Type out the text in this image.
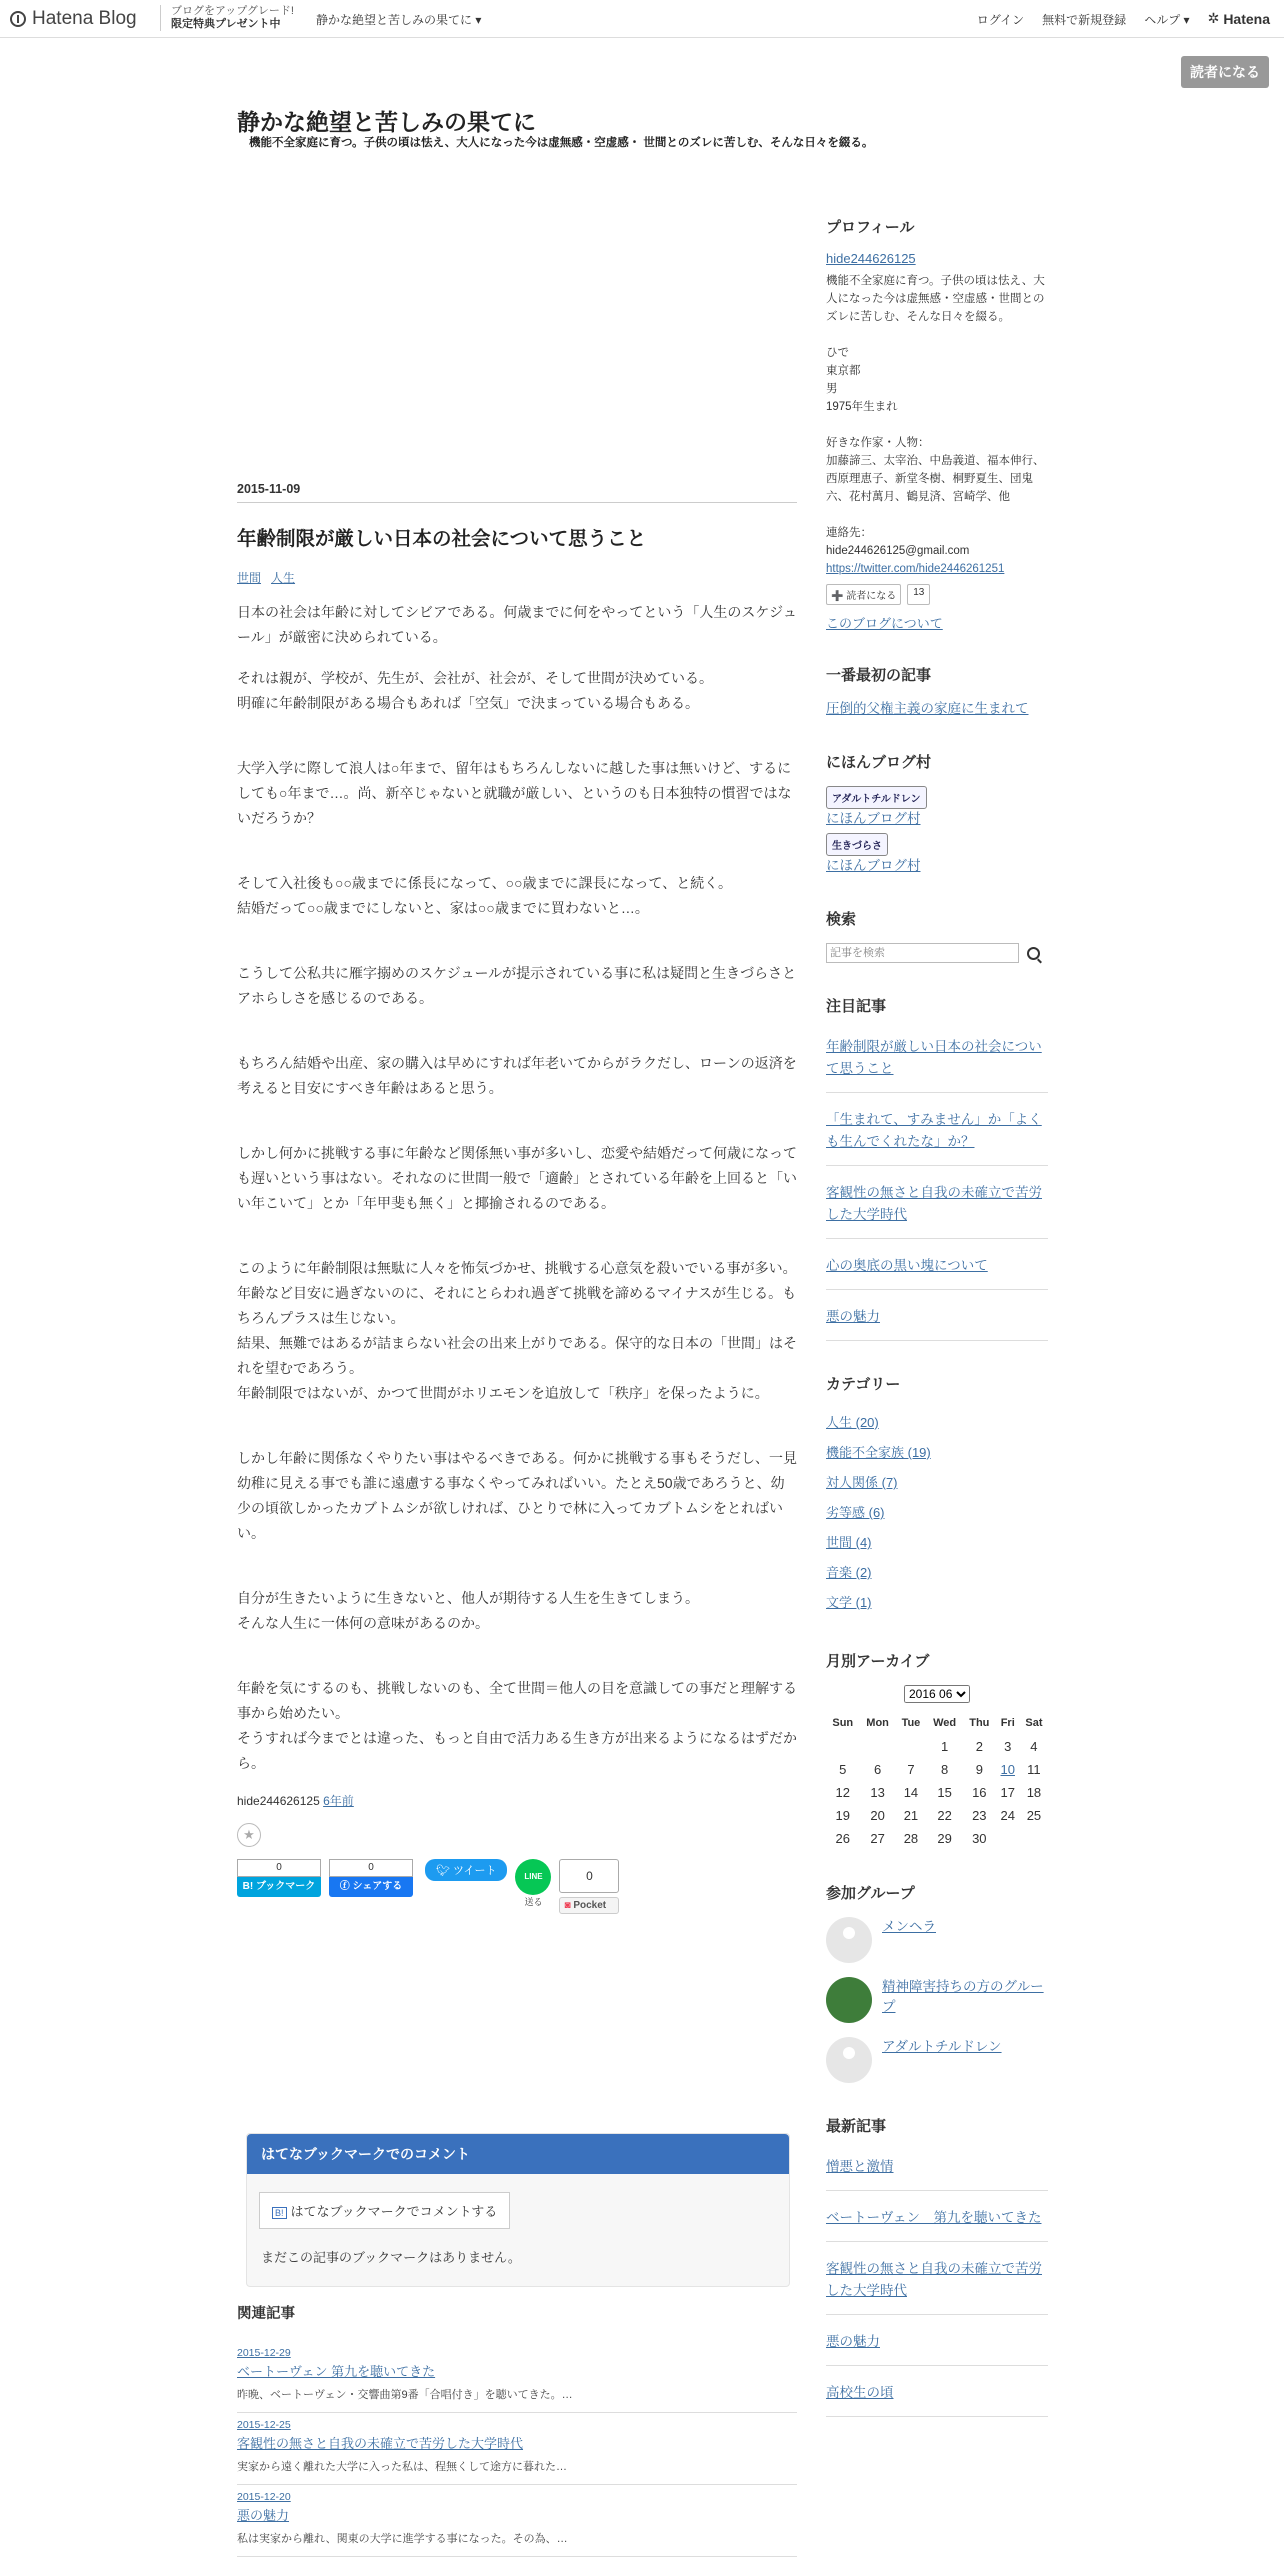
Hatena Blog	ブログをアップグレード!
限定特典プレゼント中	静かな絶望と苦しみの果てに ▾	ログイン 無料で新規登録 ヘルプ ▾ ✲ Hatena
読者になる
静かな絶望と苦しみの果てに
機能不全家庭に育つ。子供の頃は怯え、大人になった今は虚無感・空虚感・ 世間とのズレに苦しむ、そんな日々を綴る。
2015-11-09
年齢制限が厳しい日本の社会について思うこと
世間 人生

日本の社会は年齢に対してシビアである。何歳までに何をやってという「人生のスケジュール」が厳密に決められている。

それは親が、学校が、先生が、会社が、社会が、そして世間が決めている。
明確に年齢制限がある場合もあれば「空気」で決まっている場合もある。

大学入学に際して浪人は○年まで、留年はもちろんしないに越した事は無いけど、するにしても○年まで…。尚、新卒じゃないと就職が厳しい、というのも日本独特の慣習ではないだろうか？

そして入社後も○○歳までに係長になって、○○歳までに課長になって、と続く。
結婚だって○○歳までにしないと、家は○○歳までに買わないと…。

こうして公私共に雁字搦めのスケジュールが提示されている事に私は疑問と生きづらさとアホらしさを感じるのである。

もちろん結婚や出産、家の購入は早めにすれば年老いてからがラクだし、ローンの返済を考えると目安にすべき年齢はあると思う。

しかし何かに挑戦する事に年齢など関係無い事が多いし、恋愛や結婚だって何歳になっても遅いという事はない。それなのに世間一般で「適齢」とされている年齢を上回ると「いい年こいて」とか「年甲斐も無く」と揶揄されるのである。

このように年齢制限は無駄に人々を怖気づかせ、挑戦する心意気を殺いでいる事が多い。年齢など目安に過ぎないのに、それにとらわれ過ぎて挑戦を諦めるマイナスが生じる。もちろんプラスは生じない。
結果、無難ではあるが詰まらない社会の出来上がりである。保守的な日本の「世間」はそれを望むであろう。
年齢制限ではないが、かつて世間がホリエモンを追放して「秩序」を保ったように。

しかし年齢に関係なくやりたい事はやるべきである。何かに挑戦する事もそうだし、一見幼稚に見える事でも誰に遠慮する事なくやってみればいい。たとえ50歳であろうと、幼少の頃欲しかったカブトムシが欲しければ、ひとりで林に入ってカブトムシをとればいい。

自分が生きたいように生きないと、他人が期待する人生を生きてしまう。
そんな人生に一体何の意味があるのか。

年齢を気にするのも、挑戦しないのも、全て世間＝他人の目を意識しての事だと理解する事から始めたい。
そうすれば今までとは違った、もっと自由で活力ある生き方が出来るようになるはずだから。

hide244626125 6年前
★
0
B! ブックマーク
0
ⓕ シェアする
🐦︎ ツイート	LINE
送る
0
◙ Pocket
はてなブックマークでのコメント
B! はてなブックマークでコメントする
まだこの記事のブックマークはありません。
関連記事
2015-12-29
ベートーヴェン 第九を聴いてきた
昨晩、ベートーヴェン・交響曲第9番「合唱付き」を聴いてきた。…
2015-12-25
客観性の無さと自我の未確立で苦労した大学時代
実家から遠く離れた大学に入った私は、程無くして途方に暮れた…
2015-12-20
悪の魅力
私は実家から離れ、関東の大学に進学する事になった。その為、…
プロフィール
hide244626125
機能不全家庭に育つ。子供の頃は怯え、大人になった今は虚無感・空虚感・世間とのズレに苦しむ、そんな日々を綴る。

ひで
東京都
男
1975年生まれ

好きな作家・人物：
加藤諦三、太宰治、中島義道、福本伸行、西原理恵子、新堂冬樹、桐野夏生、団鬼六、花村萬月、鶴見済、宮崎学、他

連絡先：
hide244626125@gmail.com
https://twitter.com/hide2446261251
➕ 読者になる	13
このブログについて
一番最初の記事
圧倒的父権主義の家庭に生まれて
にほんブログ村
アダルトチルドレン
にほんブログ村
生きづらさ
にほんブログ村
検索
記事を検索
注目記事
年齢制限が厳しい日本の社会について思うこと
「生まれて、すみません」か「よくも生んでくれたな」か？
客観性の無さと自我の未確立で苦労した大学時代
心の奥底の黒い塊について
悪の魅力
カテゴリー
人生 (20)
機能不全家族 (19)
対人関係 (7)
劣等感 (6)
世間 (4)
音楽 (2)
文学 (1)
月別アーカイブ
2016 06
Sun	Mon	Tue	Wed	Thu	Fri	Sat
			1	2	3	4
5	6	7	8	9	10	11
12	13	14	15	16	17	18
19	20	21	22	23	24	25
26	27	28	29	30		
参加グループ
メンヘラ
精神障害持ちの方のグループ
アダルトチルドレン
最新記事
憎悪と激情
ベートーヴェン　第九を聴いてきた
客観性の無さと自我の未確立で苦労した大学時代
悪の魅力
高校生の頃
